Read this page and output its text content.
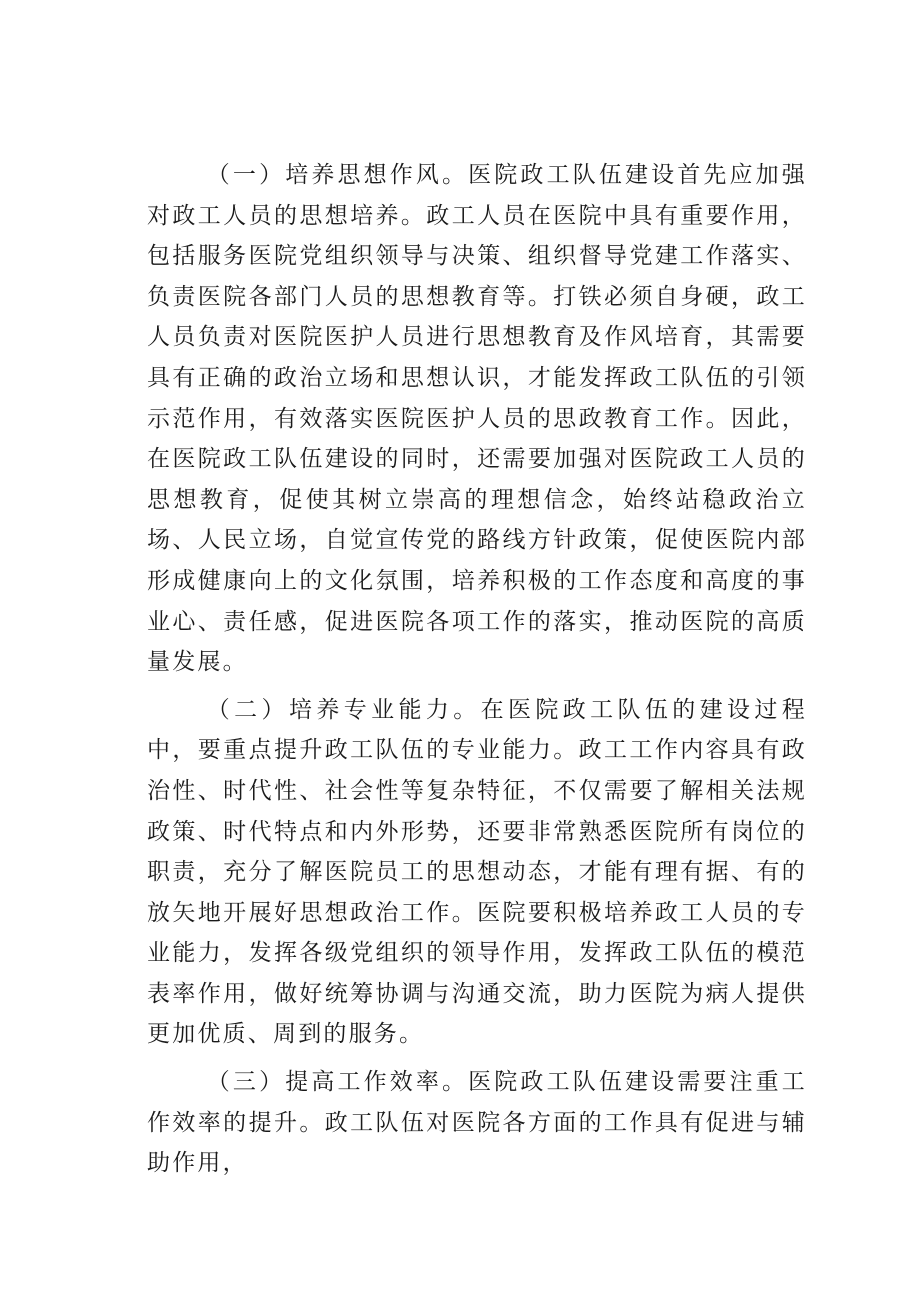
（一）培养思想作风。医院政工队伍建设首先应加强对政工人员的思想培养。政工人员在医院中具有重要作用，包括服务医院党组织领导与决策、组织督导党建工作落实、负责医院各部门人员的思想教育等。打铁必须自身硬，政工人员负责对医院医护人员进行思想教育及作风培育，其需要具有正确的政治立场和思想认识，才能发挥政工队伍的引领示范作用，有效落实医院医护人员的思政教育工作。因此，在医院政工队伍建设的同时，还需要加强对医院政工人员的思想教育，促使其树立崇高的理想信念，始终站稳政治立场、人民立场，自觉宣传党的路线方针政策，促使医院内部形成健康向上的文化氛围，培养积极的工作态度和高度的事业心、责任感，促进医院各项工作的落实，推动医院的高质量发展。

（二）培养专业能力。在医院政工队伍的建设过程中，要重点提升政工队伍的专业能力。政工工作内容具有政治性、时代性、社会性等复杂特征，不仅需要了解相关法规政策、时代特点和内外形势，还要非常熟悉医院所有岗位的职责，充分了解医院员工的思想动态，才能有理有据、有的放矢地开展好思想政治工作。医院要积极培养政工人员的专业能力，发挥各级党组织的领导作用，发挥政工队伍的模范表率作用，做好统筹协调与沟通交流，助力医院为病人提供更加优质、周到的服务。

（三）提高工作效率。医院政工队伍建设需要注重工作效率的提升。政工队伍对医院各方面的工作具有促进与辅助作用，
